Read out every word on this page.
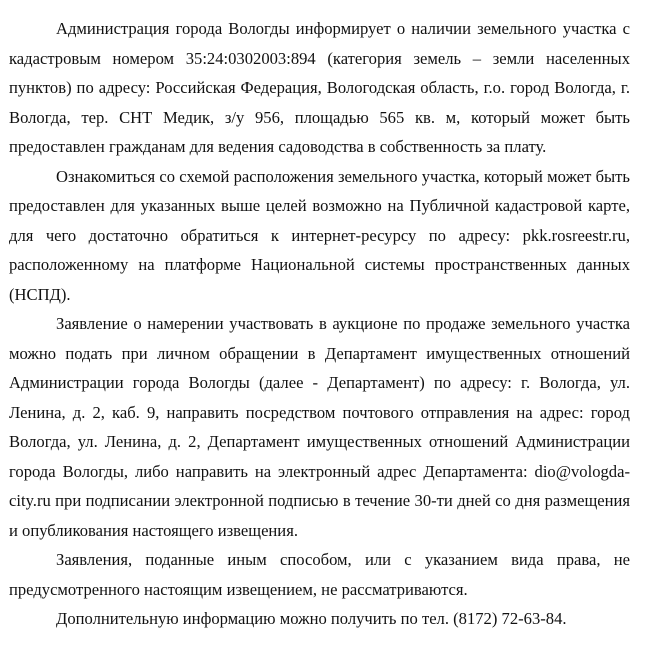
Администрация города Вологды информирует о наличии земельного участка с кадастровым номером 35:24:0302003:894 (категория земель – земли населенных пунктов) по адресу: Российская Федерация, Вологодская область, г.о. город Вологда, г. Вологда, тер. СНТ Медик, з/у 956, площадью 565 кв. м, который может быть предоставлен гражданам для ведения садоводства в собственность за плату.

Ознакомиться со схемой расположения земельного участка, который может быть предоставлен для указанных выше целей возможно на Публичной кадастровой карте, для чего достаточно обратиться к интернет-ресурсу по адресу: pkk.rosreestr.ru, расположенному на платформе Национальной системы пространственных данных (НСПД).

Заявление о намерении участвовать в аукционе по продаже земельного участка можно подать при личном обращении в Департамент имущественных отношений Администрации города Вологды (далее - Департамент) по адресу: г. Вологда, ул. Ленина, д. 2, каб. 9, направить посредством почтового отправления на адрес: город Вологда, ул. Ленина, д. 2, Департамент имущественных отношений Администрации города Вологды, либо направить на электронный адрес Департамента: dio@vologda-city.ru при подписании электронной подписью в течение 30-ти дней со дня размещения и опубликования настоящего извещения.

Заявления, поданные иным способом, или с указанием вида права, не предусмотренного настоящим извещением, не рассматриваются.

Дополнительную информацию можно получить по тел. (8172) 72-63-84.
